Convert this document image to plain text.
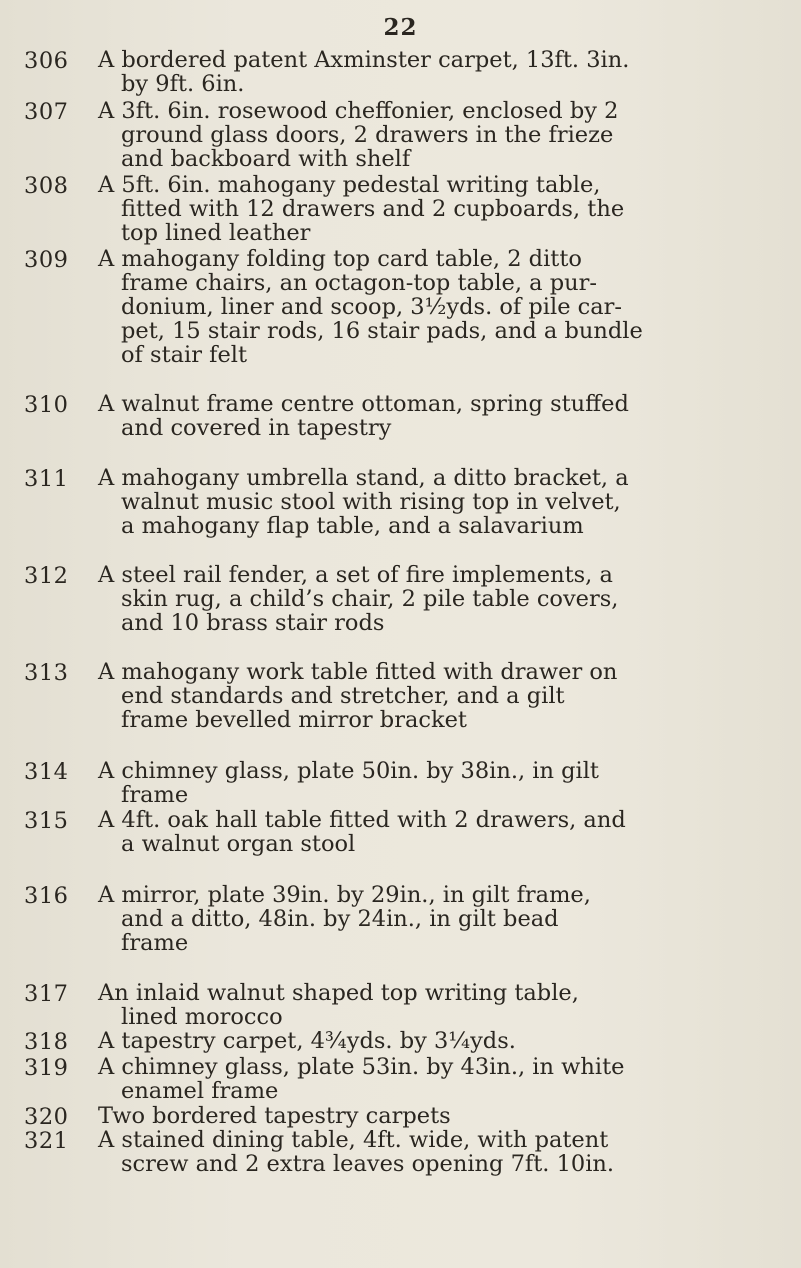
22
306 A bordered patent Axminster carpet, 13ft. 3in.
by 9ft. 6in.
307 A 3ft. 6in. rosewood cheffonier, enclosed by 2
ground glass doors, 2 drawers in the frieze
and backboard with shelf
308 A 5ft. 6in. mahogany pedestal writing table,
fitted with 12 drawers and 2 cupboards, the
top lined leather
309 A mahogany folding top card table, 2 ditto
frame chairs, an octagon-top table, a pur-
donium, liner and scoop, 3½yds. of pile car-
pet, 15 stair rods, 16 stair pads, and a bundle
of stair felt
310 A walnut frame centre ottoman, spring stuffed
and covered in tapestry
311 A mahogany umbrella stand, a ditto bracket, a
walnut music stool with rising top in velvet,
a mahogany flap table, and a salavarium
312 A steel rail fender, a set of fire implements, a
skin rug, a child’s chair, 2 pile table covers,
and 10 brass stair rods
313 A mahogany work table fitted with drawer on
end standards and stretcher, and a gilt
frame bevelled mirror bracket
314 A chimney glass, plate 50in. by 38in., in gilt
frame
315 A 4ft. oak hall table fitted with 2 drawers, and
a walnut organ stool
316 A mirror, plate 39in. by 29in., in gilt frame,
and a ditto, 48in. by 24in., in gilt bead
frame
317 An inlaid walnut shaped top writing table,
lined morocco
318 A tapestry carpet, 4¾yds. by 3¼yds.
319 A chimney glass, plate 53in. by 43in., in white
enamel frame
320 Two bordered tapestry carpets
321 A stained dining table, 4ft. wide, with patent
screw and 2 extra leaves opening 7ft. 10in.
